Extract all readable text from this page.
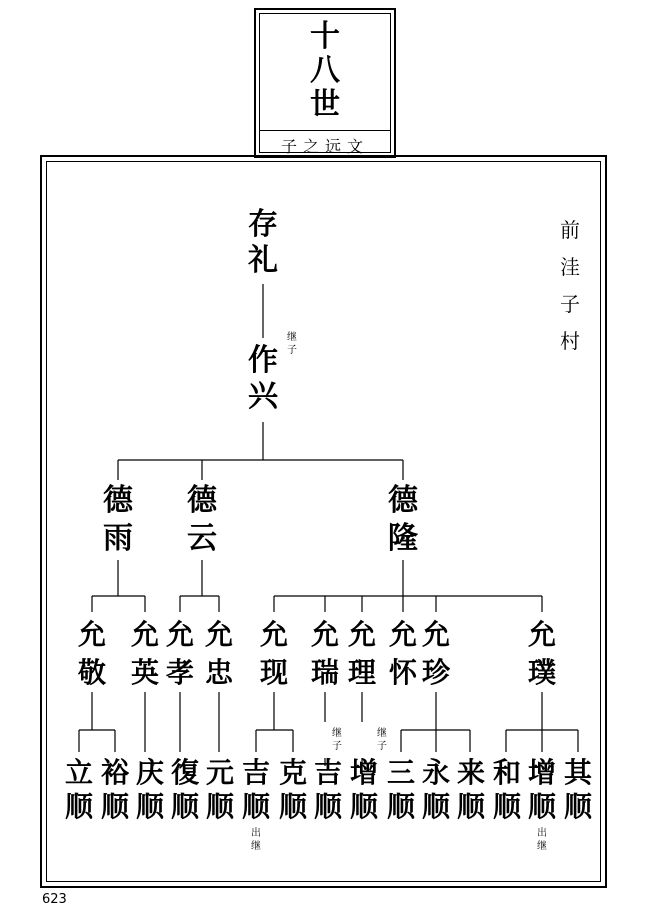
十
八
世
子之远文
前
洼
子
村
存
礼
继
子
作
兴
德
雨
德
云
德
隆
允
敬
允
英
允
孝
允
忠
允
现
允
瑞
允
理
允
怀
允
珍
允
璞
继
子
继
子
立
顺
裕
顺
庆
顺
復
顺
元
顺
吉
顺
克
顺
吉
顺
增
顺
三
顺
永
顺
来
顺
和
顺
增
顺
其
顺
出
继
出
继
623
